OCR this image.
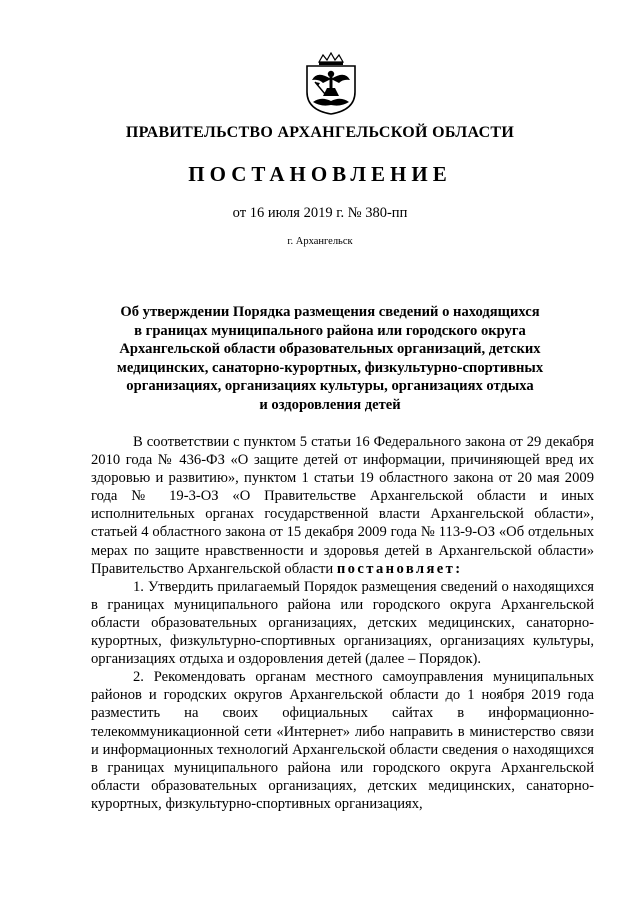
ПРАВИТЕЛЬСТВО АРХАНГЕЛЬСКОЙ ОБЛАСТИ
ПОСТАНОВЛЕНИЕ
от 16 июля 2019 г. № 380-пп
г. Архангельск
Об утверждении Порядка размещения сведений о находящихся
в границах муниципального района или городского округа
Архангельской области образовательных организаций, детских
медицинских, санаторно-курортных, физкультурно-спортивных
организациях, организациях культуры, организациях отдыха
и оздоровления детей

В соответствии с пунктом 5 статьи 16 Федерального закона от 29 декабря 2010 года № 436-ФЗ «О защите детей от информации, причиняющей вред их здоровью и развитию», пунктом 1 статьи 19 областного закона от 20 мая 2009 года № 19-3-ОЗ «О Правительстве Архангельской области и иных исполнительных органах государственной власти Архангельской области», статьей 4 областного закона от 15 декабря 2009 года № 113-9-ОЗ «Об отдельных мерах по защите нравственности и здоровья детей в Архангельской области» Правительство Архангельской области постановляет:

1. Утвердить прилагаемый Порядок размещения сведений о находящихся в границах муниципального района или городского округа Архангельской области образовательных организациях, детских медицинских, санаторно-курортных, физкультурно-спортивных организациях, организациях культуры, организациях отдыха и оздоровления детей (далее – Порядок).

2. Рекомендовать органам местного самоуправления муниципальных районов и городских округов Архангельской области до 1 ноября 2019 года разместить на своих официальных сайтах в информационно-телекоммуникационной сети «Интернет» либо направить в министерство связи и информационных технологий Архангельской области сведения о находящихся в границах муниципального района или городского округа Архангельской области образовательных организациях, детских медицинских, санаторно-курортных, физкультурно-спортивных организациях,
